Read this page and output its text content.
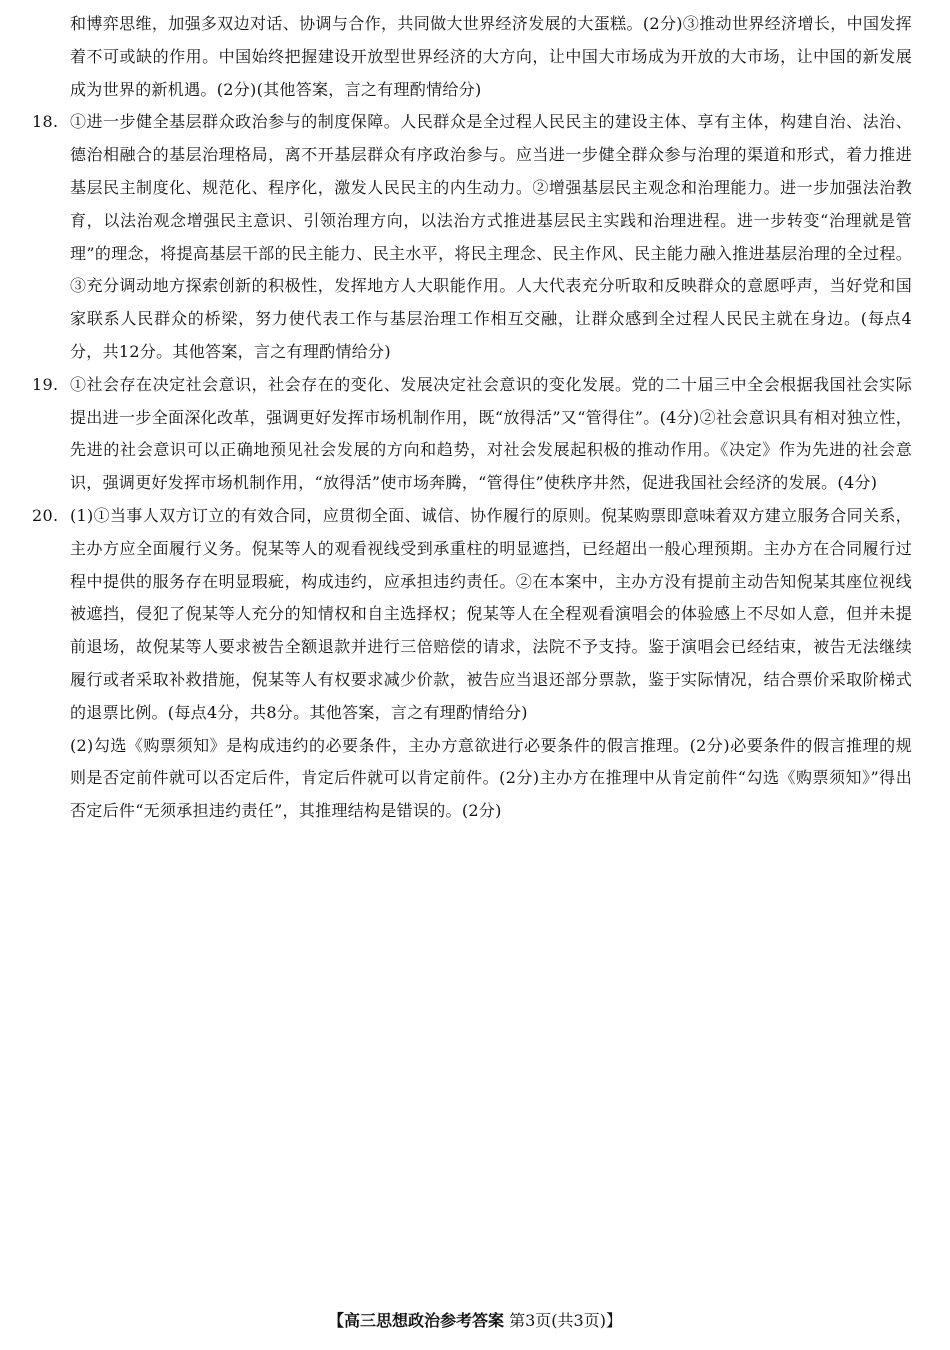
和博弈思维，加强多双边对话、协调与合作，共同做大世界经济发展的大蛋糕。(2分)③推动世界经济增长，中国发挥着不可或缺的作用。中国始终把握建设开放型世界经济的大方向，让中国大市场成为开放的大市场，让中国的新发展成为世界的新机遇。(2分)(其他答案，言之有理酌情给分)
18. ①进一步健全基层群众政治参与的制度保障。人民群众是全过程人民民主的建设主体、享有主体，构建自治、法治、德治相融合的基层治理格局，离不开基层群众有序政治参与。应当进一步健全群众参与治理的渠道和形式，着力推进基层民主制度化、规范化、程序化，激发人民民主的内生动力。②增强基层民主观念和治理能力。进一步加强法治教育，以法治观念增强民主意识、引领治理方向，以法治方式推进基层民主实践和治理进程。进一步转变“治理就是管理”的理念，将提高基层干部的民主能力、民主水平，将民主理念、民主作风、民主能力融入推进基层治理的全过程。③充分调动地方探索创新的积极性，发挥地方人大职能作用。人大代表充分听取和反映群众的意愿呼声，当好党和国家联系人民群众的桥梁，努力使代表工作与基层治理工作相互交融，让群众感到全过程人民民主就在身边。(每点4分，共12分。其他答案，言之有理酌情给分)
19. ①社会存在决定社会意识，社会存在的变化、发展决定社会意识的变化发展。党的二十届三中全会根据我国社会实际提出进一步全面深化改革，强调更好发挥市场机制作用，既“放得活”又“管得住”。(4分)②社会意识具有相对独立性，先进的社会意识可以正确地预见社会发展的方向和趋势，对社会发展起积极的推动作用。《决定》作为先进的社会意识，强调更好发挥市场机制作用，“放得活”使市场奔腾，“管得住”使秩序井然，促进我国社会经济的发展。(4分)
20. (1)①当事人双方订立的有效合同，应贯彻全面、诚信、协作履行的原则。倪某购票即意味着双方建立服务合同关系，主办方应全面履行义务。倪某等人的观看视线受到承重柱的明显遮挡，已经超出一般心理预期。主办方在合同履行过程中提供的服务存在明显瑕疵，构成违约，应承担违约责任。②在本案中，主办方没有提前主动告知倪某其座位视线被遮挡，侵犯了倪某等人充分的知情权和自主选择权；倪某等人在全程观看演唱会的体验感上不尽如人意，但并未提前退场，故倪某等人要求被告全额退款并进行三倍赔偿的请求，法院不予支持。鉴于演唱会已经结束，被告无法继续履行或者采取补救措施，倪某等人有权要求减少价款，被告应当退还部分票款，鉴于实际情况，结合票价采取阶梯式的退票比例。(每点4分，共8分。其他答案，言之有理酌情给分)
(2)勾选《购票须知》是构成违约的必要条件，主办方意欲进行必要条件的假言推理。(2分)必要条件的假言推理的规则是否定前件就可以否定后件，肯定后件就可以肯定前件。(2分)主办方在推理中从肯定前件“勾选《购票须知》”得出否定后件“无须承担违约责任”，其推理结构是错误的。(2分)
【高三思想政治参考答案 第3页(共3页)】
